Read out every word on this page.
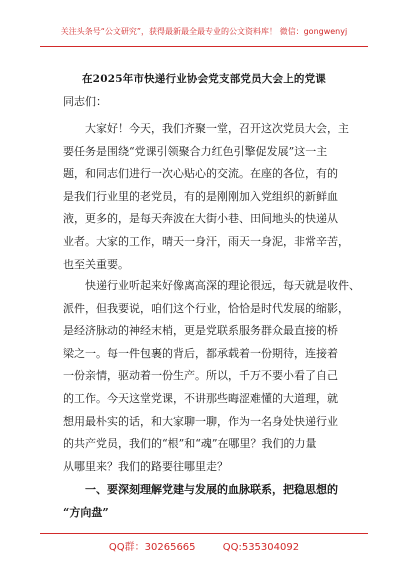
关注头条号“公文研究”，获得最新最全最专业的公文资料库！ 微信：gongwenyj
在2025年市快递行业协会党支部党员大会上的党课
同志们：
大家好！今天，我们齐聚一堂，召开这次党员大会，主
要任务是围绕“党课引领聚合力红色引擎促发展”这一主
题，和同志们进行一次心贴心的交流。在座的各位，有的
是我们行业里的老党员，有的是刚刚加入党组织的新鲜血
液，更多的，是每天奔波在大街小巷、田间地头的快递从
业者。大家的工作，晴天一身汗，雨天一身泥，非常辛苦，
也至关重要。
快递行业听起来好像离高深的理论很远，每天就是收件、
派件，但我要说，咱们这个行业，恰恰是时代发展的缩影，
是经济脉动的神经末梢，更是党联系服务群众最直接的桥
梁之一。每一件包裹的背后，都承载着一份期待，连接着
一份亲情，驱动着一份生产。所以，千万不要小看了自己
的工作。今天这堂党课，不讲那些晦涩难懂的大道理，就
想用最朴实的话，和大家聊一聊，作为一名身处快递行业
的共产党员，我们的“根”和“魂”在哪里？我们的力量
从哪里来？我们的路要往哪里走？
一、要深刻理解党建与发展的血脉联系，把稳思想的
“方向盘”
QQ群：30265665	QQ:535304092
